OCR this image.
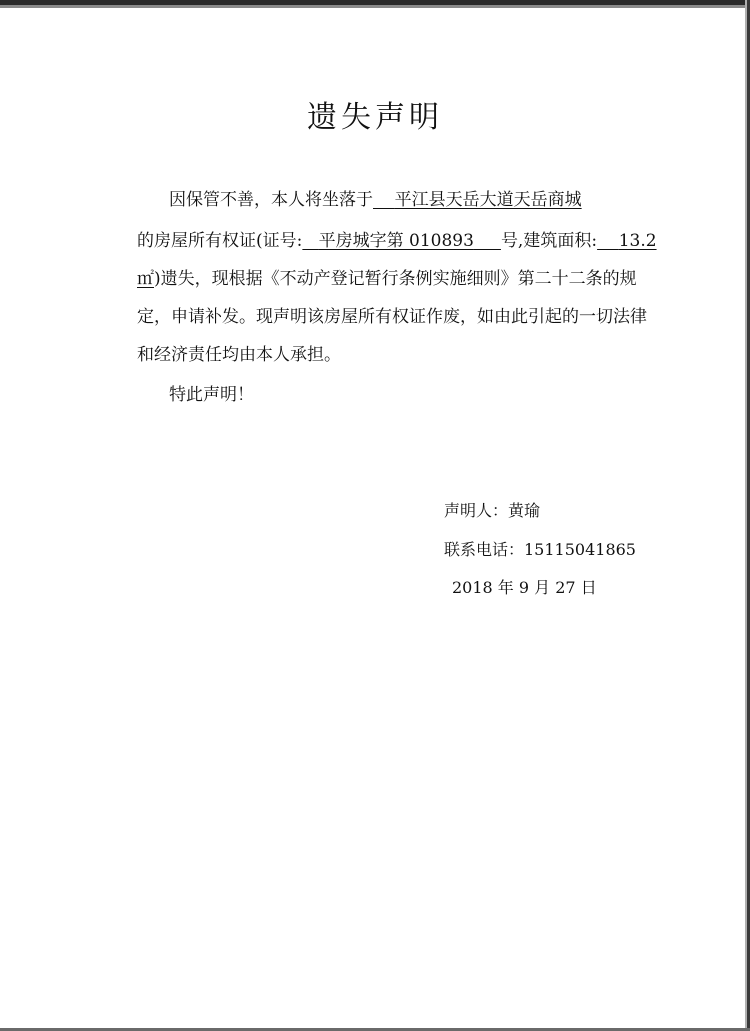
遗失声明
因保管不善，本人将坐落于 平江县天岳大道天岳商城
的房屋所有权证(证号: 平房城字第 010893 号,建筑面积: 13.2
㎡)遗失，现根据《不动产登记暂行条例实施细则》第二十二条的规
定，申请补发。现声明该房屋所有权证作废，如由此引起的一切法律
和经济责任均由本人承担。
特此声明！
声明人：黄瑜
联系电话：15115041865
2018 年 9 月 27 日
